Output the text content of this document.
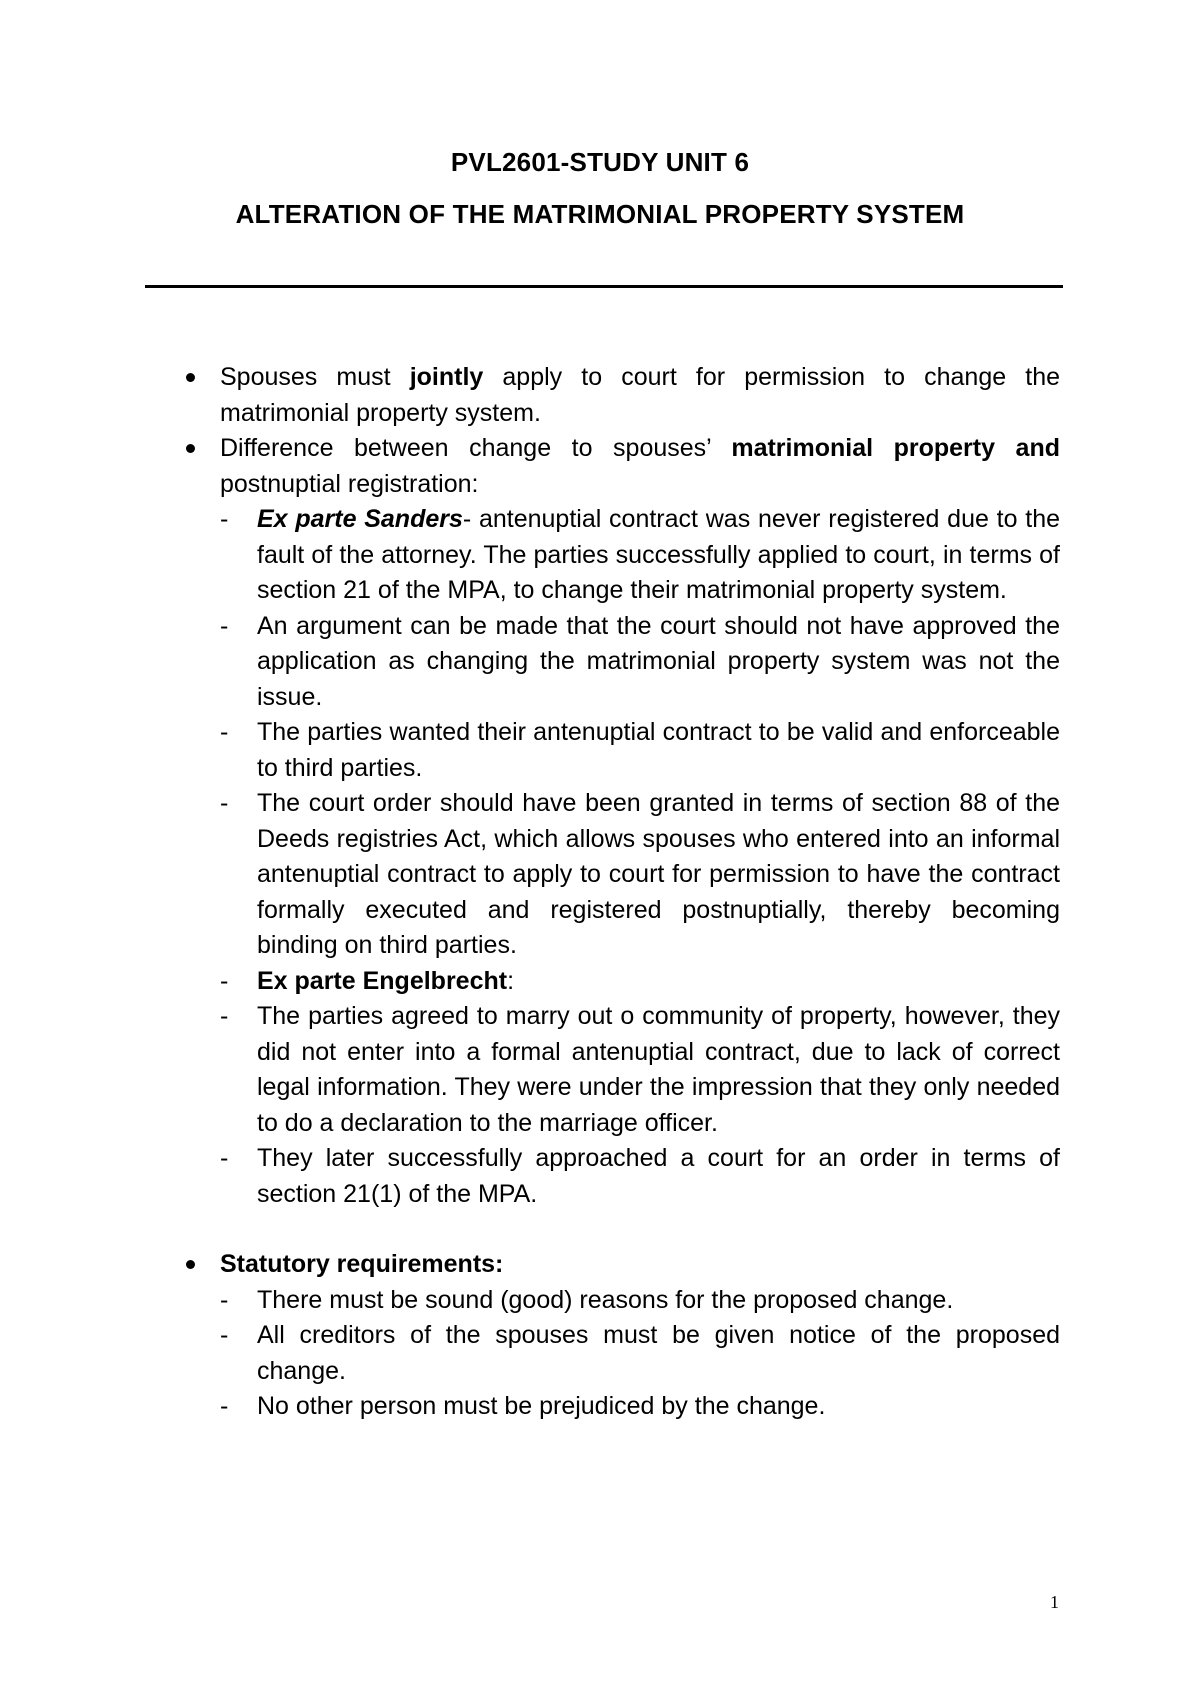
PVL2601-STUDY UNIT 6
ALTERATION OF THE MATRIMONIAL PROPERTY SYSTEM
Spouses must jointly apply to court for permission to change the matrimonial property system.
Difference between change to spouses’ matrimonial property and postnuptial registration:
- Ex parte Sanders- antenuptial contract was never registered due to the fault of the attorney. The parties successfully applied to court, in terms of section 21 of the MPA, to change their matrimonial property system.
- An argument can be made that the court should not have approved the application as changing the matrimonial property system was not the issue.
- The parties wanted their antenuptial contract to be valid and enforceable to third parties.
- The court order should have been granted in terms of section 88 of the Deeds registries Act, which allows spouses who entered into an informal antenuptial contract to apply to court for permission to have the contract formally executed and registered postnuptially, thereby becoming binding on third parties.
- Ex parte Engelbrecht:
- The parties agreed to marry out o community of property, however, they did not enter into a formal antenuptial contract, due to lack of correct legal information. They were under the impression that they only needed to do a declaration to the marriage officer.
- They later successfully approached a court for an order in terms of section 21(1) of the MPA.
Statutory requirements:
- There must be sound (good) reasons for the proposed change.
- All creditors of the spouses must be given notice of the proposed change.
- No other person must be prejudiced by the change.
1
